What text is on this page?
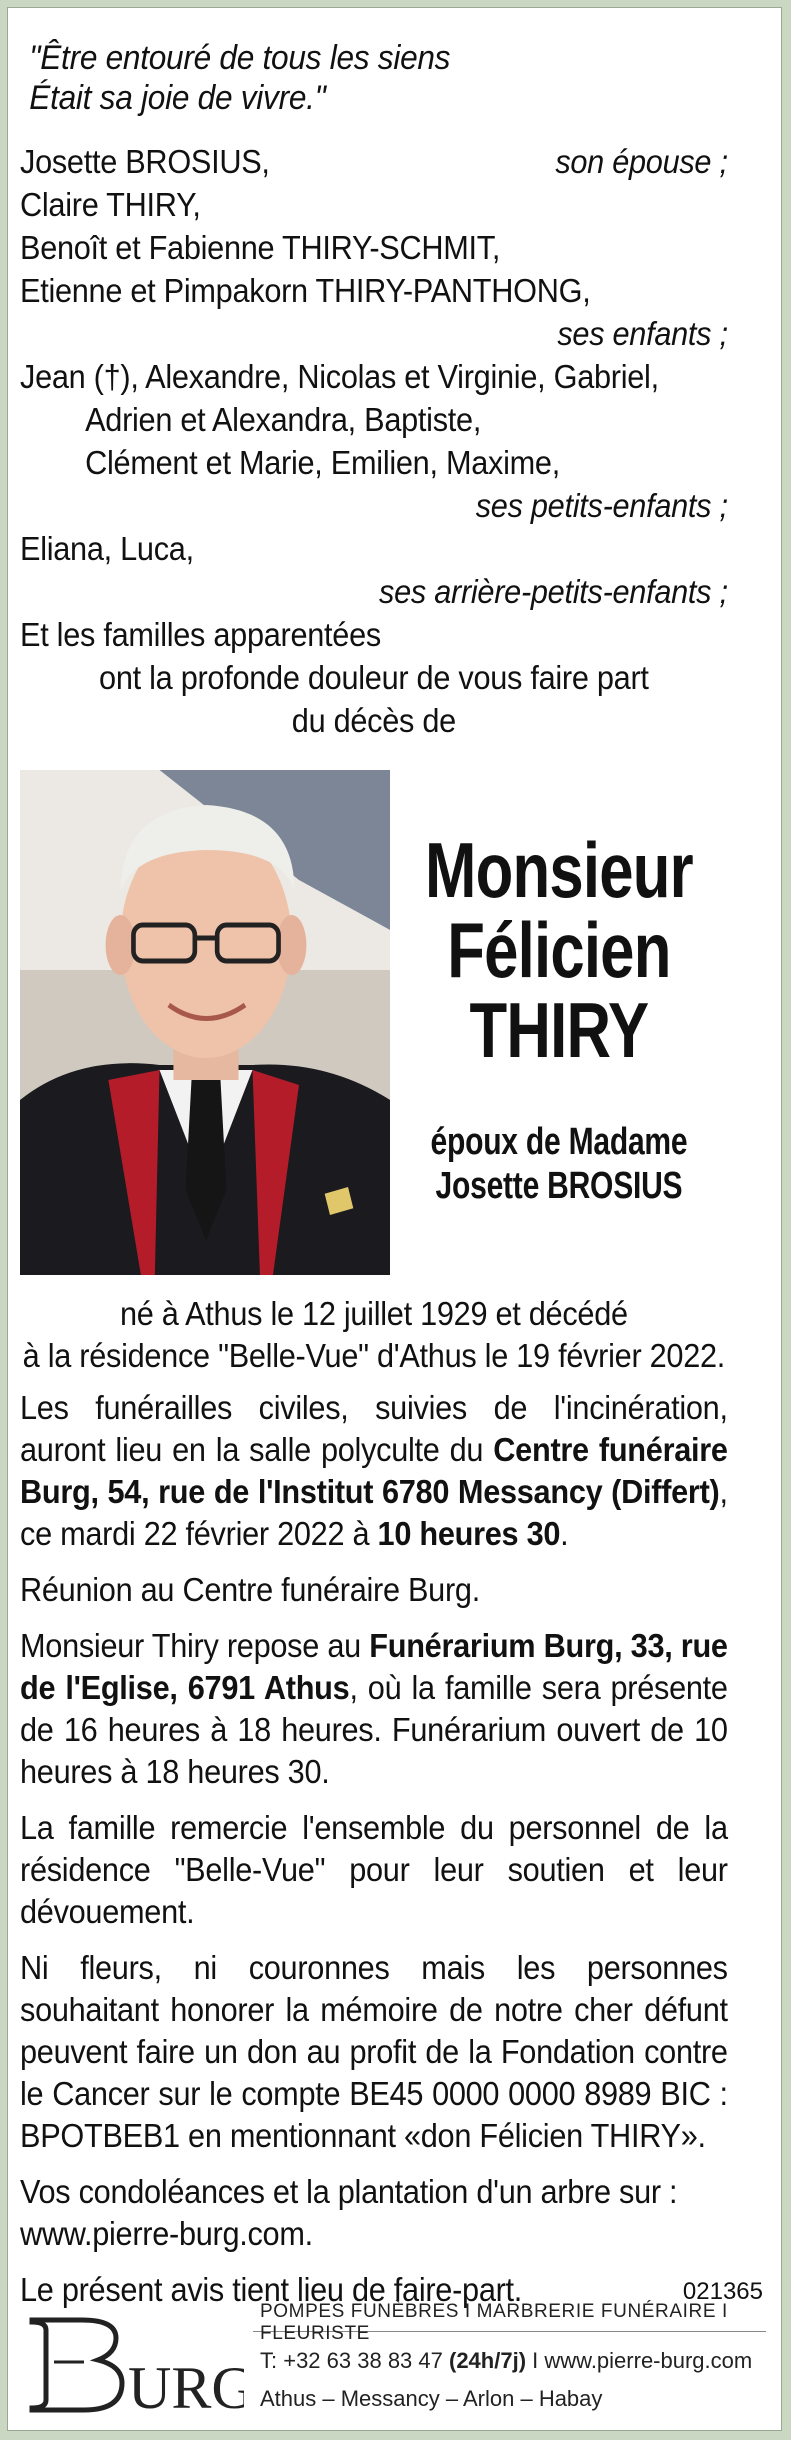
"Être entouré de tous les siens
Était sa joie de vivre."
Josette BROSIUS,	son épouse ;
Claire THIRY,
Benoît et Fabienne THIRY-SCHMIT,
Etienne et Pimpakorn THIRY-PANTHONG,
ses enfants ;
Jean (†), Alexandre, Nicolas et Virginie, Gabriel,
Adrien et Alexandra, Baptiste,
Clément et Marie, Emilien, Maxime,
ses petits-enfants ;
Eliana, Luca,
ses arrière-petits-enfants ;
Et les familles apparentées
ont la profonde douleur de vous faire part
du décès de
Monsieur
Félicien
THIRY
époux de Madame
Josette BROSIUS
né à Athus le 12 juillet 1929 et décédé
à la résidence "Belle-Vue" d'Athus le 19 février 2022.
Les funérailles civiles, suivies de l'incinération, auront lieu en la salle polyculte du Centre funéraire Burg, 54, rue de l'Institut 6780 Messancy (Differt), ce mardi 22 février 2022 à 10 heures 30.
Réunion au Centre funéraire Burg.
Monsieur Thiry repose au Funérarium Burg, 33, rue de l'Eglise, 6791 Athus, où la famille sera présente de 16 heures à 18 heures. Funérarium ouvert de 10 heures à 18 heures 30.
La famille remercie l'ensemble du personnel de la résidence "Belle-Vue" pour leur soutien et leur dévouement.
Ni fleurs, ni couronnes mais les personnes souhaitant honorer la mémoire de notre cher défunt peuvent faire un don au profit de la Fondation contre le Cancer sur le compte BE45 0000 0000 8989 BIC : BPOTBEB1 en mentionnant «don Félicien THIRY».
Vos condoléances et la plantation d'un arbre sur : www.pierre-burg.com.
Le présent avis tient lieu de faire-part.	021365
URG
POMPES FUNÈBRES I MARBRERIE FUNÉRAIRE I FLEURISTE
T: +32 63 38 83 47 (24h/7j) I www.pierre-burg.com
Athus – Messancy – Arlon – Habay
